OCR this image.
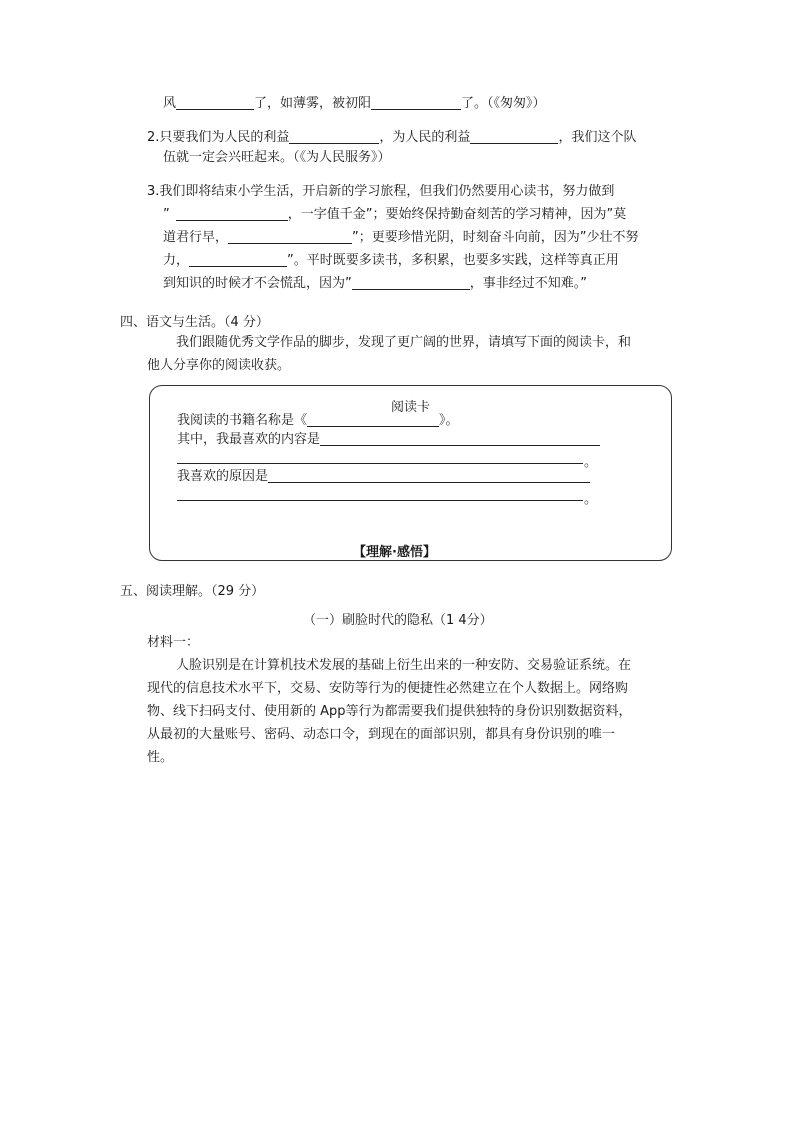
风	了，如薄雾，被初阳	了。（《匆匆》）
2.只要我们为人民的利益	，为人民的利益	，我们这个队
伍就一定会兴旺起来。（《为人民服务》）
3.我们即将结束小学生活，开启新的学习旅程，但我们仍然要用心读书，努力做到
”	，一字值千金”；要始终保持勤奋刻苦的学习精神，因为”莫
道君行早，	”；更要珍惜光阴，时刻奋斗向前，因为”少壮不努
力，	”。平时既要多读书，多积累，也要多实践，这样等真正用
到知识的时候才不会慌乱，因为”	，事非经过不知难。”
四、语文与生活。（4 分）
我们跟随优秀文学作品的脚步，发现了更广阔的世界，请填写下面的阅读卡，和
他人分享你的阅读收获。
阅读卡
我阅读的书籍名称是《	》。
其中，我最喜欢的内容是
。
我喜欢的原因是
。
【理解·感悟】
五、阅读理解。（29 分）
（一）刷脸时代的隐私（1 4分）
材料一：
人脸识别是在计算机技术发展的基础上衍生出来的一种安防、交易验证系统。在
现代的信息技术水平下，交易、安防等行为的便捷性必然建立在个人数据上。网络购
物、线下扫码支付、使用新的 App等行为都需要我们提供独特的身份识别数据资料，
从最初的大量账号、密码、动态口令，到现在的面部识别，都具有身份识别的唯一
性。
